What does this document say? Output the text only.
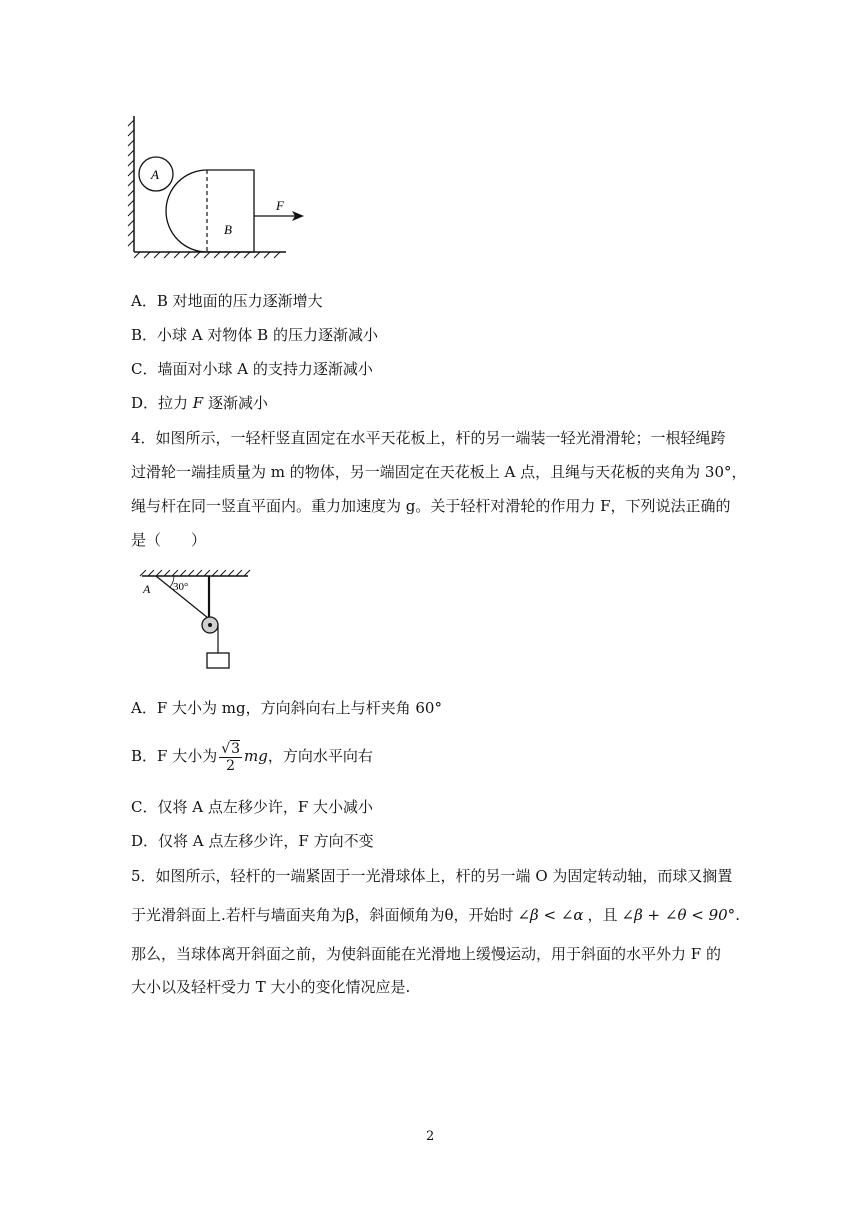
A
B
F
A．B 对地面的压力逐渐增大
B．小球 A 对物体 B 的压力逐渐减小
C．墙面对小球 A 的支持力逐渐减小
D．拉力 F 逐渐减小
4．如图所示，一轻杆竖直固定在水平天花板上，杆的另一端装一轻光滑滑轮；一根轻绳跨
过滑轮一端挂质量为 m 的物体，另一端固定在天花板上 A 点，且绳与天花板的夹角为 30°，
绳与杆在同一竖直平面内。重力加速度为 g。关于轻杆对滑轮的作用力 F，下列说法正确的
是（　　）
A 30°
A．F 大小为 mg，方向斜向右上与杆夹角 60°
B．F 大小为 $\frac{√3}{2}$ mg，方向水平向右
C．仅将 A 点左移少许，F 大小减小
D．仅将 A 点左移少许，F 方向不变
5．如图所示，轻杆的一端紧固于一光滑球体上，杆的另一端 O 为固定转动轴，而球又搁置
于光滑斜面上.若杆与墙面夹角为β，斜面倾角为θ，开始时 ∠β < ∠α ，且 ∠β + ∠θ < 90°.
那么，当球体离开斜面之前，为使斜面能在光滑地上缓慢运动，用于斜面的水平外力 F 的
大小以及轻杆受力 T 大小的变化情况应是.
2
